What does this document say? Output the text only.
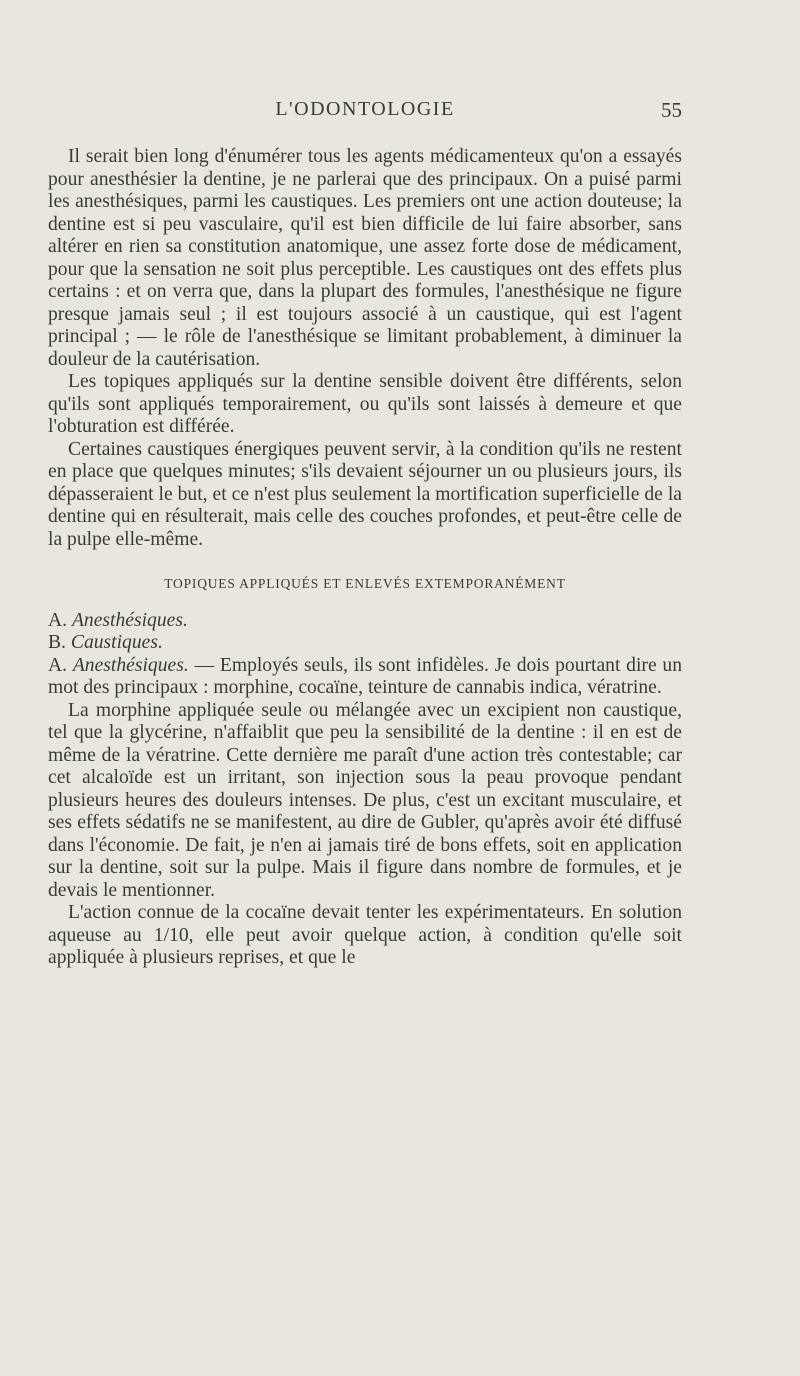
L'ODONTOLOGIE	55

Il serait bien long d'énumérer tous les agents médicamenteux qu'on a essayés pour anesthésier la dentine, je ne parlerai que des principaux. On a puisé parmi les anesthésiques, parmi les caustiques. Les premiers ont une action douteuse; la dentine est si peu vasculaire, qu'il est bien difficile de lui faire absorber, sans altérer en rien sa constitution anatomique, une assez forte dose de médicament, pour que la sensation ne soit plus perceptible. Les caustiques ont des effets plus certains : et on verra que, dans la plupart des formules, l'anesthésique ne figure presque jamais seul ; il est toujours associé à un caustique, qui est l'agent principal ; — le rôle de l'anesthésique se limitant probablement, à diminuer la douleur de la cautérisation.

Les topiques appliqués sur la dentine sensible doivent être différents, selon qu'ils sont appliqués temporairement, ou qu'ils sont laissés à demeure et que l'obturation est différée.

Certaines caustiques énergiques peuvent servir, à la condition qu'ils ne restent en place que quelques minutes; s'ils devaient séjourner un ou plusieurs jours, ils dépasseraient le but, et ce n'est plus seulement la mortification superficielle de la dentine qui en résulterait, mais celle des couches profondes, et peut-être celle de la pulpe elle-même.

TOPIQUES APPLIQUÉS ET ENLEVÉS EXTEMPORANÉMENT

A. Anesthésiques.

B. Caustiques.

A. Anesthésiques. — Employés seuls, ils sont infidèles. Je dois pourtant dire un mot des principaux : morphine, cocaïne, teinture de cannabis indica, vératrine.

La morphine appliquée seule ou mélangée avec un excipient non caustique, tel que la glycérine, n'affaiblit que peu la sensibilité de la dentine : il en est de même de la vératrine. Cette dernière me paraît d'une action très contestable; car cet alcaloïde est un irritant, son injection sous la peau provoque pendant plusieurs heures des douleurs intenses. De plus, c'est un excitant musculaire, et ses effets sédatifs ne se manifestent, au dire de Gubler, qu'après avoir été diffusé dans l'économie. De fait, je n'en ai jamais tiré de bons effets, soit en application sur la dentine, soit sur la pulpe. Mais il figure dans nombre de formules, et je devais le mentionner.

L'action connue de la cocaïne devait tenter les expérimentateurs. En solution aqueuse au 1/10, elle peut avoir quelque action, à condition qu'elle soit appliquée à plusieurs reprises, et que le
